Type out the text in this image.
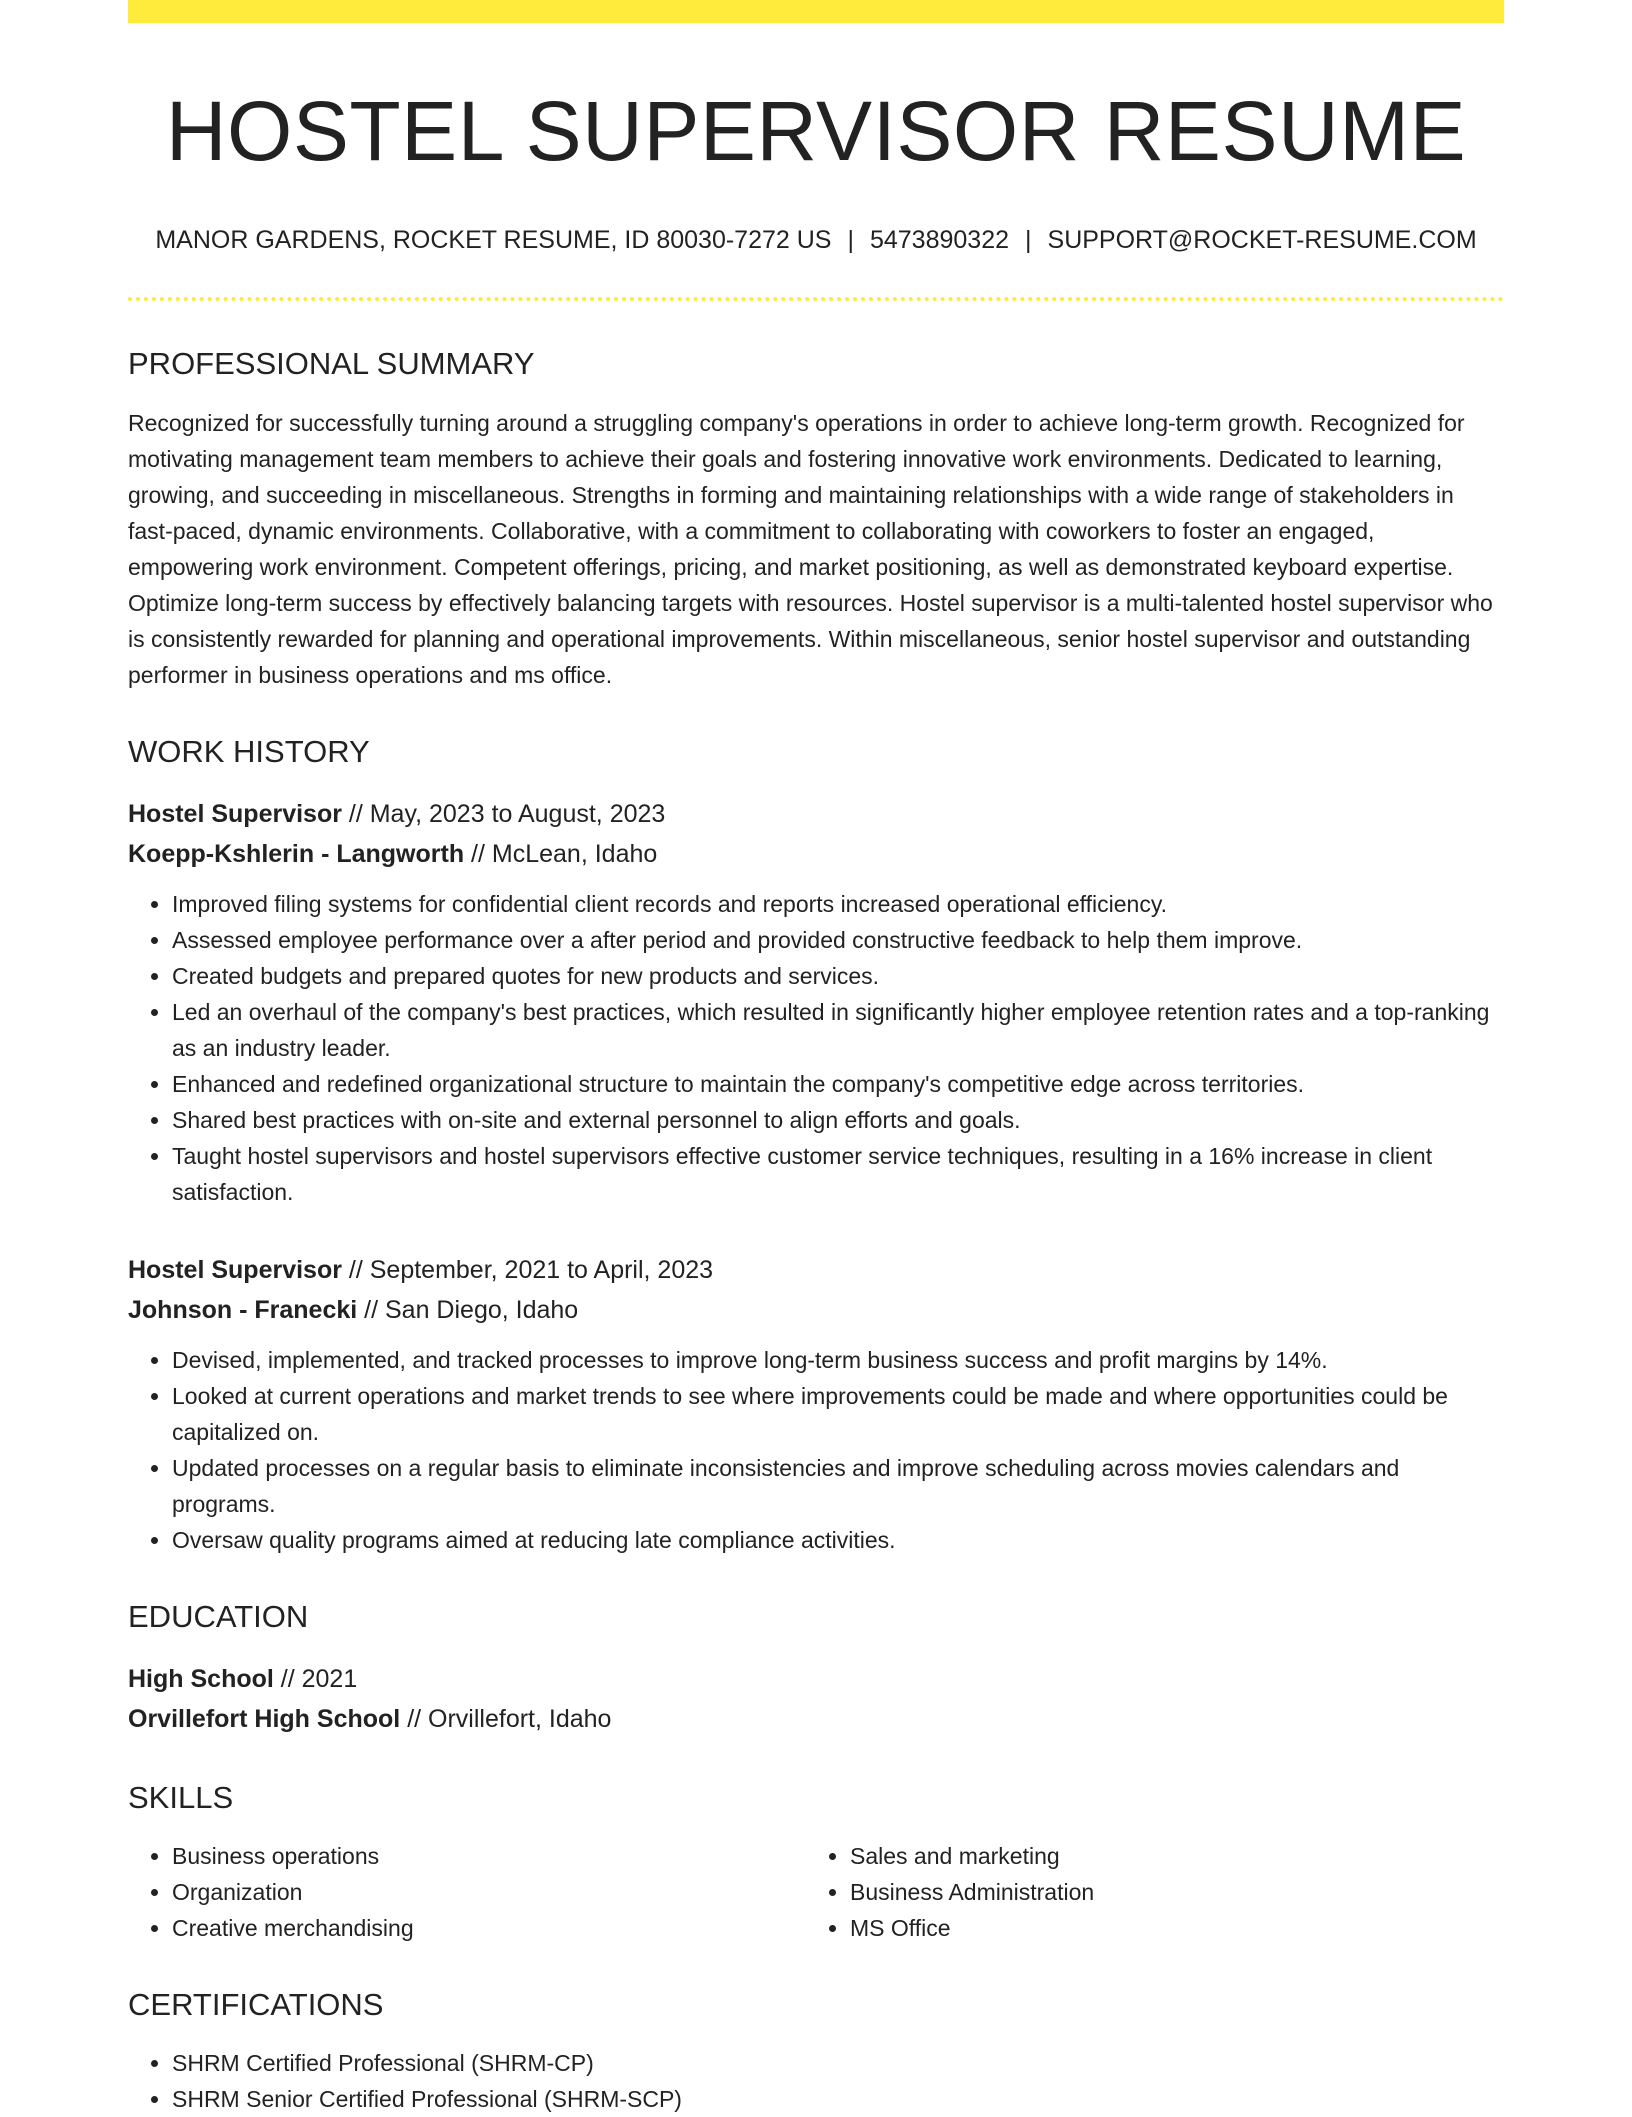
HOSTEL SUPERVISOR RESUME
MANOR GARDENS, ROCKET RESUME, ID 80030-7272 US | 5473890322 | SUPPORT@ROCKET-RESUME.COM
PROFESSIONAL SUMMARY

Recognized for successfully turning around a struggling company's operations in order to achieve long-term growth. Recognized for motivating management team members to achieve their goals and fostering innovative work environments. Dedicated to learning, growing, and succeeding in miscellaneous. Strengths in forming and maintaining relationships with a wide range of stakeholders in fast-paced, dynamic environments. Collaborative, with a commitment to collaborating with coworkers to foster an engaged, empowering work environment. Competent offerings, pricing, and market positioning, as well as demonstrated keyboard expertise. Optimize long-term success by effectively balancing targets with resources. Hostel supervisor is a multi-talented hostel supervisor who is consistently rewarded for planning and operational improvements. Within miscellaneous, senior hostel supervisor and outstanding performer in business operations and ms office.

WORK HISTORY
Hostel Supervisor // May, 2023 to August, 2023
Koepp-Kshlerin - Langworth // McLean, Idaho
• Improved filing systems for confidential client records and reports increased operational efficiency.
• Assessed employee performance over a after period and provided constructive feedback to help them improve.
• Created budgets and prepared quotes for new products and services.
• Led an overhaul of the company's best practices, which resulted in significantly higher employee retention rates and a top-ranking as an industry leader.
• Enhanced and redefined organizational structure to maintain the company's competitive edge across territories.
• Shared best practices with on-site and external personnel to align efforts and goals.
• Taught hostel supervisors and hostel supervisors effective customer service techniques, resulting in a 16% increase in client satisfaction.
Hostel Supervisor // September, 2021 to April, 2023
Johnson - Franecki // San Diego, Idaho
• Devised, implemented, and tracked processes to improve long-term business success and profit margins by 14%.
• Looked at current operations and market trends to see where improvements could be made and where opportunities could be capitalized on.
• Updated processes on a regular basis to eliminate inconsistencies and improve scheduling across movies calendars and programs.
• Oversaw quality programs aimed at reducing late compliance activities.
EDUCATION
High School // 2021
Orvillefort High School // Orvillefort, Idaho
SKILLS
• Business operations
• Organization
• Creative merchandising
• Sales and marketing
• Business Administration
• MS Office
CERTIFICATIONS
• SHRM Certified Professional (SHRM-CP)
• SHRM Senior Certified Professional (SHRM-SCP)
